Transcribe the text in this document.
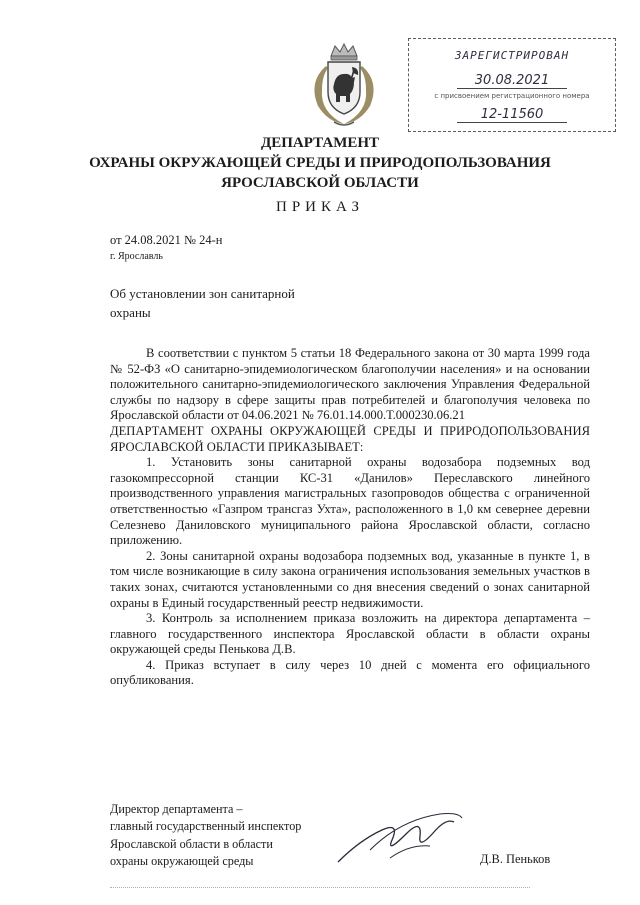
ЗАРЕГИСТРИРОВАН
30.08.2021
с присвоением регистрационного номера
12-11560
ДЕПАРТАМЕНТ
ОХРАНЫ ОКРУЖАЮЩЕЙ СРЕДЫ И ПРИРОДОПОЛЬЗОВАНИЯ
ЯРОСЛАВСКОЙ ОБЛАСТИ
ПРИКАЗ
от 24.08.2021 № 24-н
г. Ярославль
Об установлении зон санитарной
охраны

В соответствии с пунктом 5 статьи 18 Федерального закона от 30 марта 1999 года № 52-ФЗ «О санитарно-эпидемиологическом благополучии населения» и на основании положительного санитарно-эпидемиологического заключения Управления Федеральной службы по надзору в сфере защиты прав потребителей и благополучия человека по Ярославской области от 04.06.2021 № 76.01.14.000.Т.000230.06.21

ДЕПАРТАМЕНТ ОХРАНЫ ОКРУЖАЮЩЕЙ СРЕДЫ И ПРИРОДОПОЛЬЗОВАНИЯ ЯРОСЛАВСКОЙ ОБЛАСТИ ПРИКАЗЫВАЕТ:

1. Установить зоны санитарной охраны водозабора подземных вод газокомпрессорной станции КС-31 «Данилов» Переславского линейного производственного управления магистральных газопроводов общества с ограниченной ответственностью «Газпром трансгаз Ухта», расположенного в 1,0 км севернее деревни Селезнево Даниловского муниципального района Ярославской области, согласно приложению.

2. Зоны санитарной охраны водозабора подземных вод, указанные в пункте 1, в том числе возникающие в силу закона ограничения использования земельных участков в таких зонах, считаются установленными со дня внесения сведений о зонах санитарной охраны в Единый государственный реестр недвижимости.

3. Контроль за исполнением приказа возложить на директора департамента – главного государственного инспектора Ярославской области в области охраны окружающей среды Пенькова Д.В.

4. Приказ вступает в силу через 10 дней с момента его официального опубликования.

Директор департамента –
главный государственный инспектор
Ярославской области в области
охраны окружающей среды	Д.В. Пеньков
